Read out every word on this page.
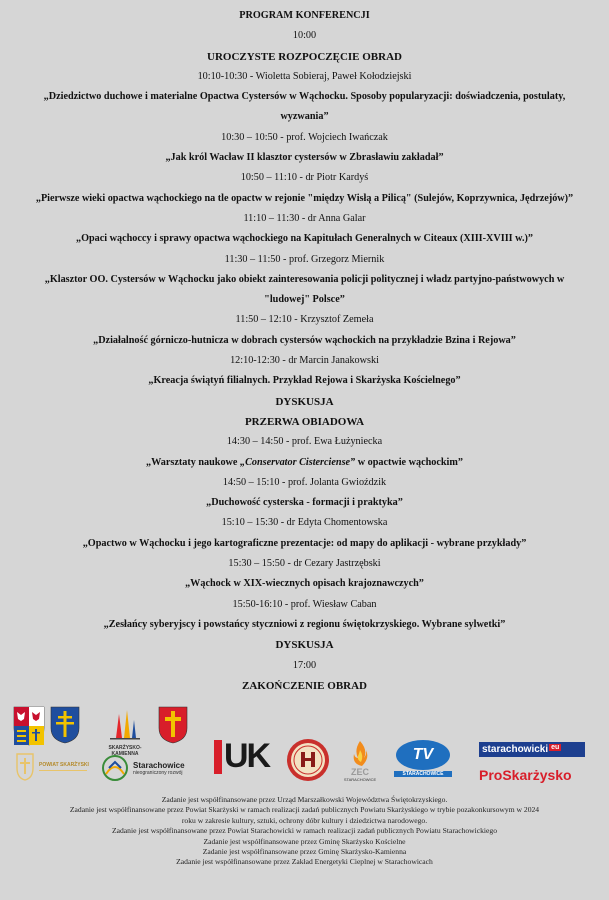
PROGRAM KONFERENCJI
10:00
UROCZYSTE ROZPOCZĘCIE OBRAD
10:10-10:30 - Wioletta Sobieraj, Paweł Kołodziejski
„Dziedzictwo duchowe i materialne Opactwa Cystersów w Wąchocku. Sposoby popularyzacji: doświadczenia, postulaty, wyzwania”
10:30 – 10:50 - prof. Wojciech Iwańczak
„Jak król Wacław II klasztor cystersów w Zbrasławiu zakładał”
10:50 – 11:10 - dr Piotr Kardyś
„Pierwsze wieki opactwa wąchockiego na tle opactw w rejonie "między Wisłą a Pilicą" (Sulejów, Koprzywnica, Jędrzejów)”
11:10 – 11:30 - dr Anna Galar
„Opaci wąchoccy i sprawy opactwa wąchockiego na Kapitułach Generalnych w Citeaux (XIII-XVIII w.)”
11:30 – 11:50 - prof. Grzegorz Miernik
„Klasztor OO. Cystersów w Wąchocku jako obiekt zainteresowania policji politycznej i władz partyjno-państwowych w "ludowej" Polsce”
11:50 – 12:10 - Krzysztof Zemeła
„Działalność górniczo-hutnicza w dobrach cystersów wąchockich na przykładzie Bzina i Rejowa”
12:10-12:30 - dr Marcin Janakowski
„Kreacja świątyń filialnych. Przykład Rejowa i Skarżyska Kościelnego”
DYSKUSJA
PRZERWA OBIADOWA
14:30 – 14:50 - prof. Ewa Łużyniecka
„Warsztaty naukowe „Conservator Cisterciense” w opactwie wąchockim”
14:50 – 15:10 - prof. Jolanta Gwioździk
„Duchowość cysterska - formacji i praktyka”
15:10 – 15:30 - dr Edyta Chomentowska
„Opactwo w Wąchocku i jego kartograficzne prezentacje: od mapy do aplikacji - wybrane przykłady”
15:30 – 15:50 - dr Cezary Jastrzębski
„Wąchock w XIX-wiecznych opisach krajoznawczych”
15:50-16:10 - prof. Wiesław Caban
„Zesłańcy syberyjscy i powstańcy styczniowi z regionu świętokrzyskiego. Wybrane sylwetki”
DYSKUSJA
17:00
ZAKOŃCZENIE OBRAD
SKARŻYSKO-KAMIENNA
POWIAT SKARŻYSKI	Starachowice
nieograniczony rozwój UK	ZEC
STARACHOWICE
TV
STARACHOWICE
starachowicki $^{eu}$
ProSkarżysko
Zadanie jest współfinansowane przez Urząd Marszałkowski Województwa Świętokrzyskiego.
Zadanie jest współfinansowane przez Powiat Skarżyski w ramach realizacji zadań publicznych Powiatu Skarżyskiego w trybie pozakonkursowym w 2024
roku w zakresie kultury, sztuki, ochrony dóbr kultury i dziedzictwa narodowego.
Zadanie jest współfinansowane przez Powiat Starachowicki w ramach realizacji zadań publicznych Powiatu Starachowickiego
Zadanie jest współfinansowane przez Gminę Skarżysko Kościelne
Zadanie jest współfinansowane przez Gminę Skarżysko-Kamienna
Zadanie jest współfinansowane przez Zakład Energetyki Cieplnej w Starachowicach
